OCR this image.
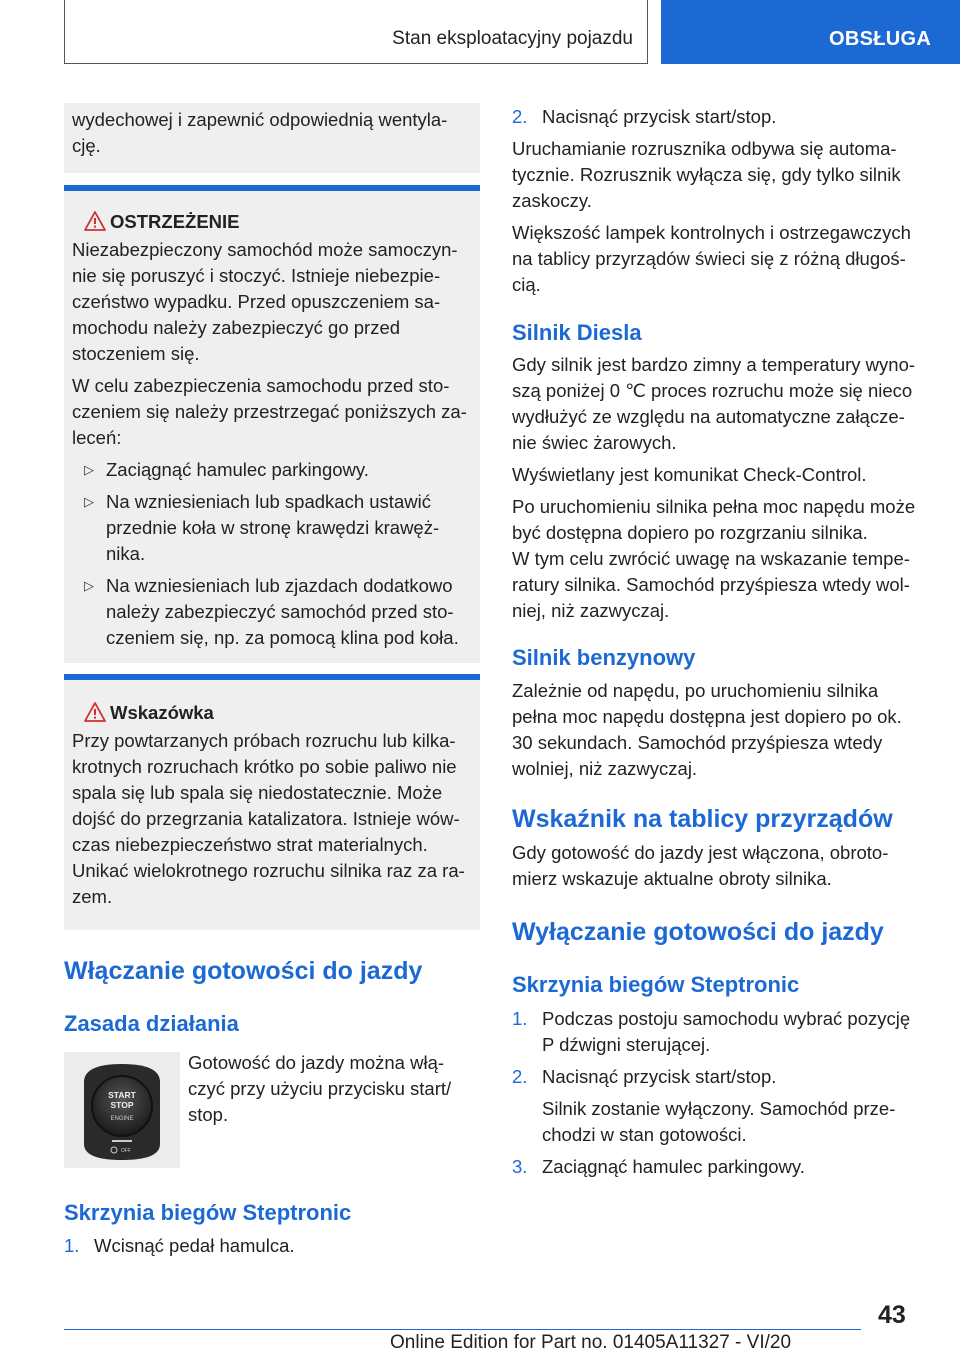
Stan eksploatacyjny pojazdu	OBSŁUGA

wydechowej i zapewnić odpowiednią wentyla-

cję.

OSTRZEŻENIE

Niezabezpieczony samochód może samoczyn-

nie się poruszyć i stoczyć. Istnieje niebezpie-

czeństwo wypadku. Przed opuszczeniem sa-

mochodu należy zabezpieczyć go przed

stoczeniem się.

W celu zabezpieczenia samochodu przed sto-

czeniem się należy przestrzegać poniższych za-

leceń:

▷ Zaciągnąć hamulec parkingowy.

▷ Na wzniesieniach lub spadkach ustawić

przednie koła w stronę krawędzi krawęż-

nika.

▷ Na wzniesieniach lub zjazdach dodatkowo

należy zabezpieczyć samochód przed sto-

czeniem się, np. za pomocą klina pod koła.

Wskazówka

Przy powtarzanych próbach rozruchu lub kilka-

krotnych rozruchach krótko po sobie paliwo nie

spala się lub spala się niedostatecznie. Może

dojść do przegrzania katalizatora. Istnieje wów-

czas niebezpieczeństwo strat materialnych.

Unikać wielokrotnego rozruchu silnika raz za ra-

zem.

Włączanie gotowości do jazdy
Zasada działania
START
STOP
ENGINE
OFF

Gotowość do jazdy można włą-

czyć przy użyciu przycisku start/

stop.

Skrzynia biegów Steptronic
1. Wcisnąć pedał hamulca.

2. Nacisnąć przycisk start/stop.

Uruchamianie rozrusznika odbywa się automa-

tycznie. Rozrusznik wyłącza się, gdy tylko silnik

zaskoczy.

Większość lampek kontrolnych i ostrzegawczych

na tablicy przyrządów świeci się z różną długoś-

cią.

Silnik Diesla

Gdy silnik jest bardzo zimny a temperatury wyno-

szą poniżej 0 ℃ proces rozruchu może się nieco

wydłużyć ze względu na automatyczne załącze-

nie świec żarowych.

Wyświetlany jest komunikat Check-Control.

Po uruchomieniu silnika pełna moc napędu może

być dostępna dopiero po rozgrzaniu silnika.

W tym celu zwrócić uwagę na wskazanie tempe-

ratury silnika. Samochód przyśpiesza wtedy wol-

niej, niż zazwyczaj.

Silnik benzynowy

Zależnie od napędu, po uruchomieniu silnika

pełna moc napędu dostępna jest dopiero po ok.

30 sekundach. Samochód przyśpiesza wtedy

wolniej, niż zazwyczaj.

Wskaźnik na tablicy przyrządów

Gdy gotowość do jazdy jest włączona, obroto-

mierz wskazuje aktualne obroty silnika.

Wyłączanie gotowości do jazdy
Skrzynia biegów Steptronic
1. Podczas postoju samochodu wybrać pozycję

P dźwigni sterującej.

2. Nacisnąć przycisk start/stop.

Silnik zostanie wyłączony. Samochód prze-

chodzi w stan gotowości.

3. Zaciągnąć hamulec parkingowy.

43
Online Edition for Part no. 01405A11327 - VI/20
